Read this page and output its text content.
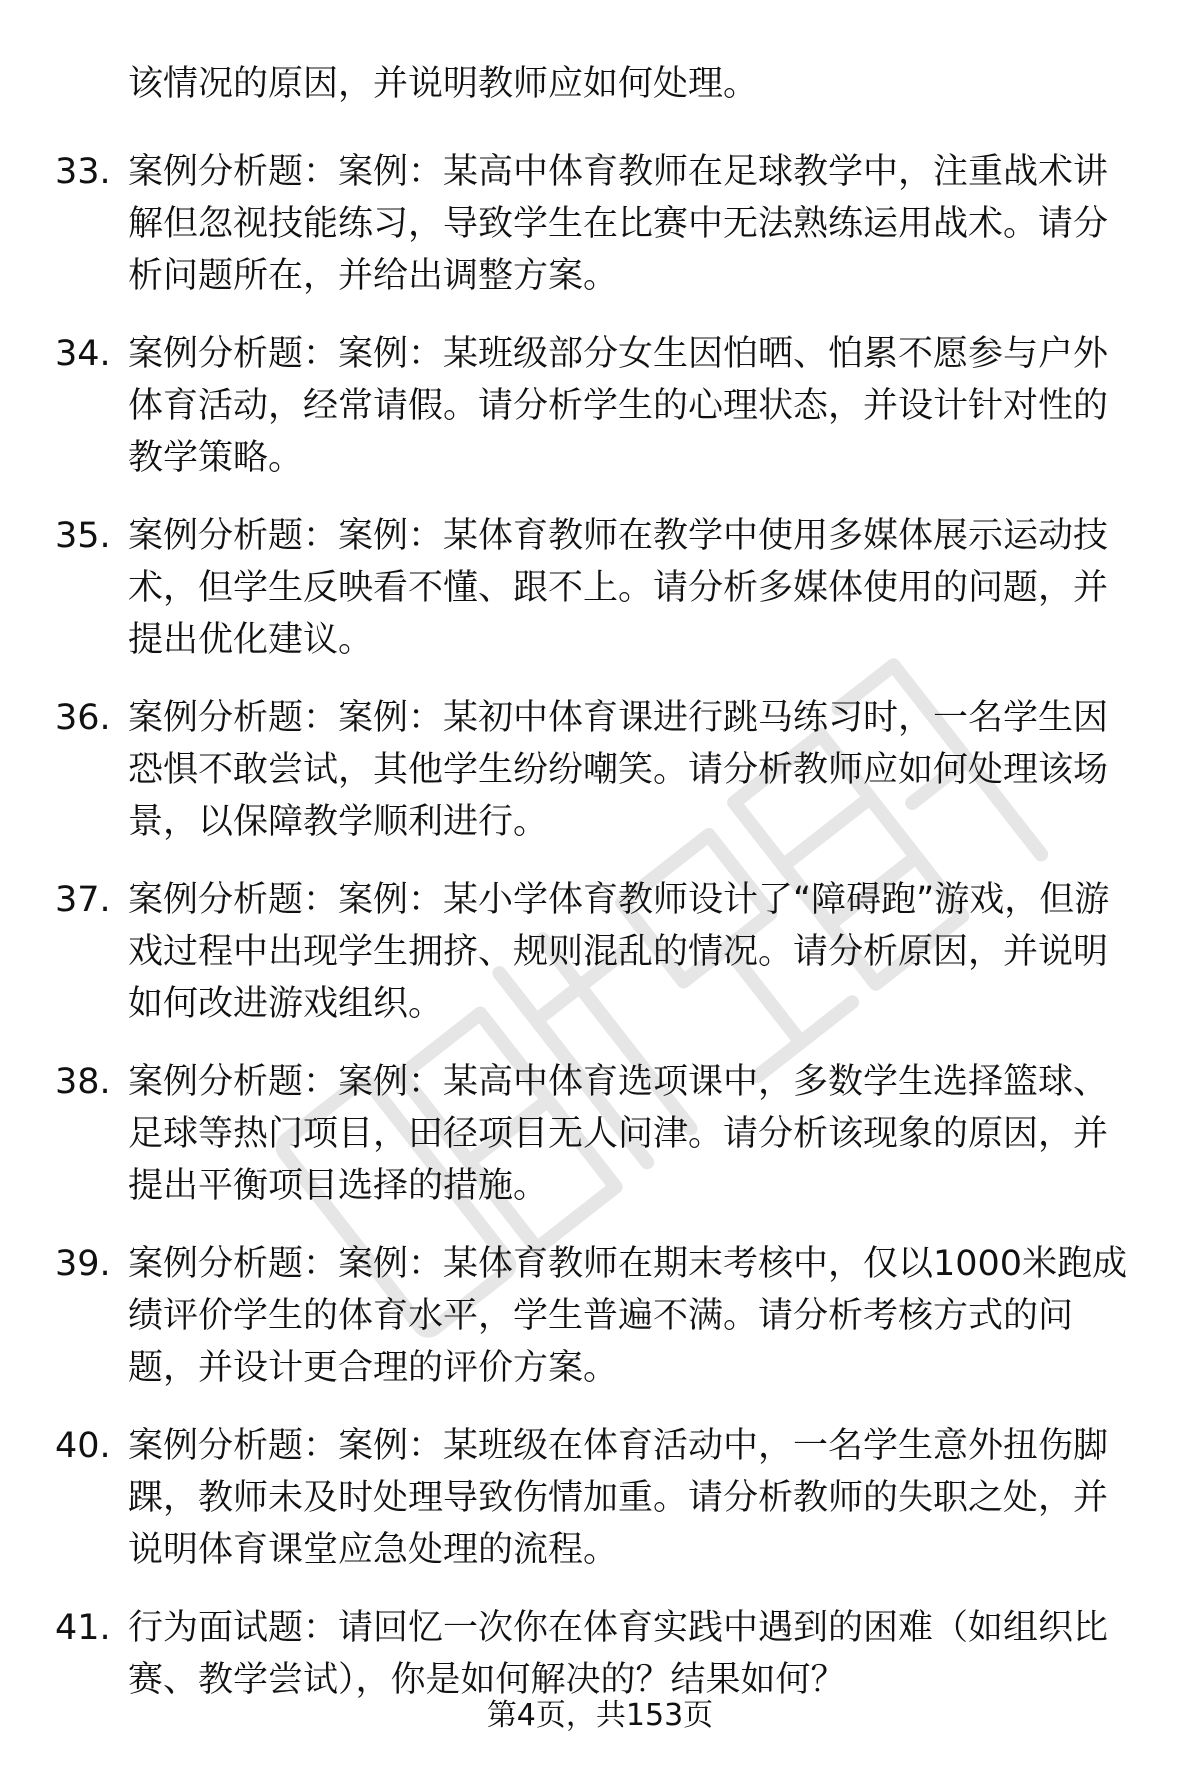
该情况的原因，并说明教师应如何处理。

33. 案例分析题：案例：某高中体育教师在足球教学中，注重战术讲解但忽视技能练习，导致学生在比赛中无法熟练运用战术。请分析问题所在，并给出调整方案。

34. 案例分析题：案例：某班级部分女生因怕晒、怕累不愿参与户外体育活动，经常请假。请分析学生的心理状态，并设计针对性的教学策略。

35. 案例分析题：案例：某体育教师在教学中使用多媒体展示运动技术，但学生反映看不懂、跟不上。请分析多媒体使用的问题，并提出优化建议。

36. 案例分析题：案例：某初中体育课进行跳马练习时，一名学生因恐惧不敢尝试，其他学生纷纷嘲笑。请分析教师应如何处理该场景，以保障教学顺利进行。

37. 案例分析题：案例：某小学体育教师设计了“障碍跑”游戏，但游戏过程中出现学生拥挤、规则混乱的情况。请分析原因，并说明如何改进游戏组织。

38. 案例分析题：案例：某高中体育选项课中，多数学生选择篮球、足球等热门项目，田径项目无人问津。请分析该现象的原因，并提出平衡项目选择的措施。

39. 案例分析题：案例：某体育教师在期末考核中，仅以1000米跑成绩评价学生的体育水平，学生普遍不满。请分析考核方式的问题，并设计更合理的评价方案。

40. 案例分析题：案例：某班级在体育活动中，一名学生意外扭伤脚踝，教师未及时处理导致伤情加重。请分析教师的失职之处，并说明体育课堂应急处理的流程。

41. 行为面试题：请回忆一次你在体育实践中遇到的困难（如组织比赛、教学尝试），你是如何解决的？结果如何？

第4页，共153页
